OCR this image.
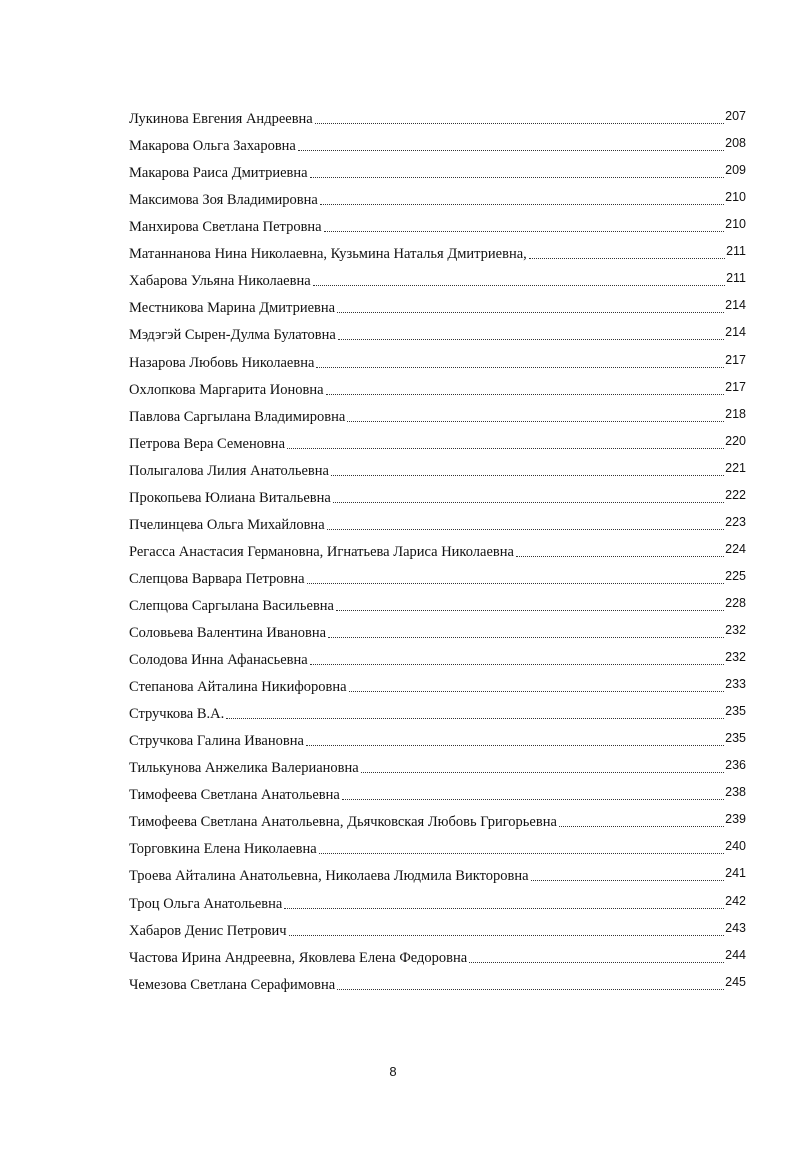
Лукинова Евгения Андреевна	207
Макарова Ольга Захаровна	208
Макарова Раиса Дмитриевна	209
Максимова Зоя Владимировна	210
Манхирова Светлана Петровна	210
Матаннанова Нина Николаевна, Кузьмина Наталья Дмитриевна,	211
Хабарова Ульяна Николаевна	211
Местникова Марина Дмитриевна	214
Мэдэгэй Сырен-Дулма Булатовна	214
Назарова Любовь Николаевна	217
Охлопкова Маргарита Ионовна	217
Павлова Саргылана Владимировна	218
Петрова Вера Семеновна	220
Полыгалова Лилия Анатольевна	221
Прокопьева Юлиана Витальевна	222
Пчелинцева Ольга Михайловна	223
Регасса Анастасия Германовна, Игнатьева Лариса Николаевна	224
Слепцова Варвара Петровна	225
Слепцова Саргылана Васильевна	228
Соловьева Валентина Ивановна	232
Солодова Инна Афанасьевна	232
Степанова Айталина Никифоровна	233
Стручкова В.А.	235
Стручкова Галина Ивановна	235
Тилькунова Анжелика Валериановна	236
Тимофеева Светлана Анатольевна	238
Тимофеева Светлана Анатольевна, Дьячковская Любовь Григорьевна	239
Торговкина Елена Николаевна	240
Троева Айталина Анатольевна, Николаева Людмила Викторовна	241
Троц Ольга Анатольевна	242
Хабаров Денис Петрович	243
Частова Ирина Андреевна, Яковлева Елена Федоровна	244
Чемезова Светлана Серафимовна	245
8
